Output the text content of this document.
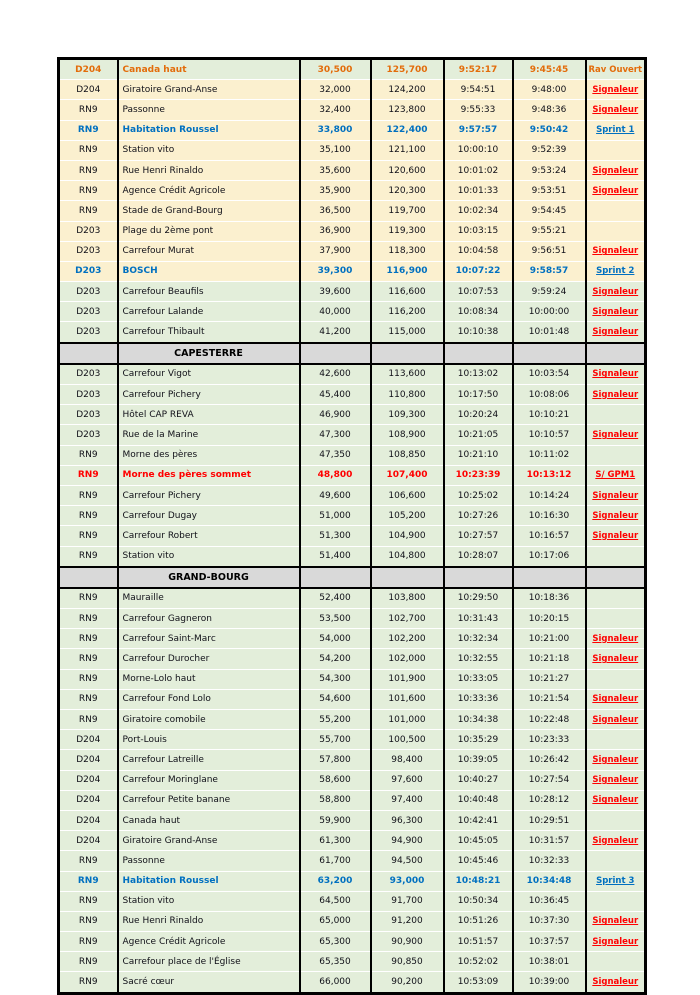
D204	Canada haut	30,500	125,700	9:52:17	9:45:45	Rav Ouvert
D204	Giratoire Grand-Anse	32,000	124,200	9:54:51	9:48:00	Signaleur
RN9	Passonne	32,400	123,800	9:55:33	9:48:36	Signaleur
RN9	Habitation Roussel	33,800	122,400	9:57:57	9:50:42	Sprint 1
RN9	Station vito	35,100	121,100	10:00:10	9:52:39	
RN9	Rue Henri Rinaldo	35,600	120,600	10:01:02	9:53:24	Signaleur
RN9	Agence Crédit Agricole	35,900	120,300	10:01:33	9:53:51	Signaleur
RN9	Stade de Grand-Bourg	36,500	119,700	10:02:34	9:54:45	
D203	Plage du 2ème pont	36,900	119,300	10:03:15	9:55:21	
D203	Carrefour Murat	37,900	118,300	10:04:58	9:56:51	Signaleur
D203	BOSCH	39,300	116,900	10:07:22	9:58:57	Sprint 2
D203	Carrefour Beaufils	39,600	116,600	10:07:53	9:59:24	Signaleur
D203	Carrefour Lalande	40,000	116,200	10:08:34	10:00:00	Signaleur
D203	Carrefour Thibault	41,200	115,000	10:10:38	10:01:48	Signaleur
	CAPESTERRE					
D203	Carrefour Vigot	42,600	113,600	10:13:02	10:03:54	Signaleur
D203	Carrefour Pichery	45,400	110,800	10:17:50	10:08:06	Signaleur
D203	Hôtel CAP REVA	46,900	109,300	10:20:24	10:10:21	
D203	Rue de la Marine	47,300	108,900	10:21:05	10:10:57	Signaleur
RN9	Morne des pères	47,350	108,850	10:21:10	10:11:02	
RN9	Morne des pères sommet	48,800	107,400	10:23:39	10:13:12	S/ GPM1
RN9	Carrefour Pichery	49,600	106,600	10:25:02	10:14:24	Signaleur
RN9	Carrefour Dugay	51,000	105,200	10:27:26	10:16:30	Signaleur
RN9	Carrefour Robert	51,300	104,900	10:27:57	10:16:57	Signaleur
RN9	Station vito	51,400	104,800	10:28:07	10:17:06	
	GRAND-BOURG					
RN9	Mauraille	52,400	103,800	10:29:50	10:18:36	
RN9	Carrefour Gagneron	53,500	102,700	10:31:43	10:20:15	
RN9	Carrefour Saint-Marc	54,000	102,200	10:32:34	10:21:00	Signaleur
RN9	Carrefour Durocher	54,200	102,000	10:32:55	10:21:18	Signaleur
RN9	Morne-Lolo haut	54,300	101,900	10:33:05	10:21:27	
RN9	Carrefour Fond Lolo	54,600	101,600	10:33:36	10:21:54	Signaleur
RN9	Giratoire comobile	55,200	101,000	10:34:38	10:22:48	Signaleur
D204	Port-Louis	55,700	100,500	10:35:29	10:23:33	
D204	Carrefour Latreille	57,800	98,400	10:39:05	10:26:42	Signaleur
D204	Carrefour Moringlane	58,600	97,600	10:40:27	10:27:54	Signaleur
D204	Carrefour Petite banane	58,800	97,400	10:40:48	10:28:12	Signaleur
D204	Canada haut	59,900	96,300	10:42:41	10:29:51	
D204	Giratoire Grand-Anse	61,300	94,900	10:45:05	10:31:57	Signaleur
RN9	Passonne	61,700	94,500	10:45:46	10:32:33	
RN9	Habitation Roussel	63,200	93,000	10:48:21	10:34:48	Sprint 3
RN9	Station vito	64,500	91,700	10:50:34	10:36:45	
RN9	Rue Henri Rinaldo	65,000	91,200	10:51:26	10:37:30	Signaleur
RN9	Agence Crédit Agricole	65,300	90,900	10:51:57	10:37:57	Signaleur
RN9	Carrefour place de l'Église	65,350	90,850	10:52:02	10:38:01	
RN9	Sacré cœur	66,000	90,200	10:53:09	10:39:00	Signaleur
